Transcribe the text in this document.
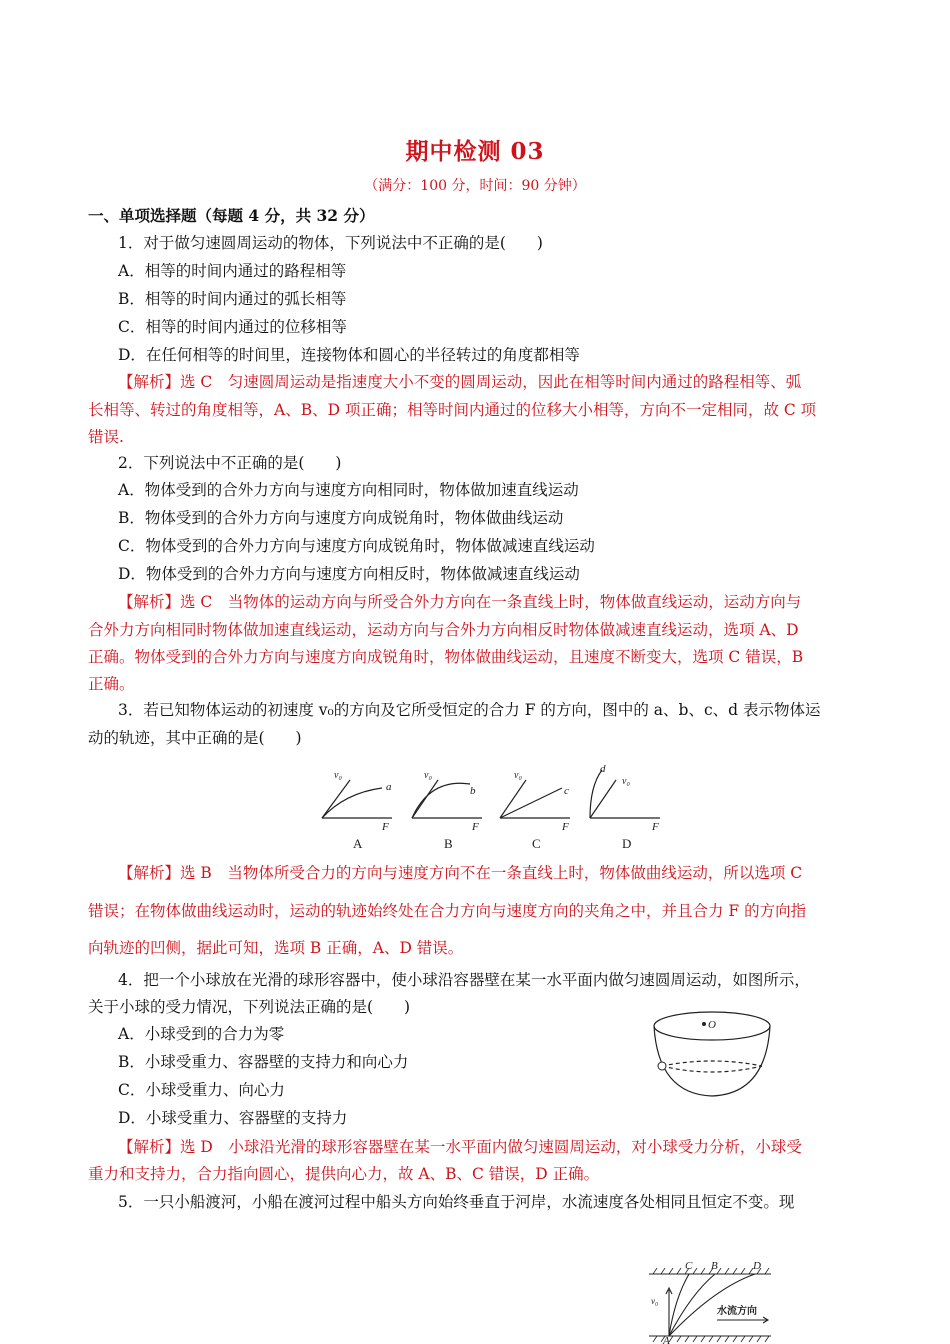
期中检测 03
（满分：100 分，时间：90 分钟）
一、单项选择题（每题 4 分，共 32 分）
1．对于做匀速圆周运动的物体，下列说法中不正确的是(　　)
A．相等的时间内通过的路程相等
B．相等的时间内通过的弧长相等
C．相等的时间内通过的位移相等
D．在任何相等的时间里，连接物体和圆心的半径转过的角度都相等
【解析】选 C　匀速圆周运动是指速度大小不变的圆周运动，因此在相等时间内通过的路程相等、弧
长相等、转过的角度相等，A、B、D 项正确；相等时间内通过的位移大小相等，方向不一定相同，故 C 项
错误.
2．下列说法中不正确的是(　　)
A．物体受到的合外力方向与速度方向相同时，物体做加速直线运动
B．物体受到的合外力方向与速度方向成锐角时，物体做曲线运动
C．物体受到的合外力方向与速度方向成锐角时，物体做减速直线运动
D．物体受到的合外力方向与速度方向相反时，物体做减速直线运动
【解析】选 C　当物体的运动方向与所受合外力方向在一条直线上时，物体做直线运动，运动方向与
合外力方向相同时物体做加速直线运动，运动方向与合外力方向相反时物体做减速直线运动，选项 A、D
正确。物体受到的合外力方向与速度方向成锐角时，物体做曲线运动，且速度不断变大，选项 C 错误，B
正确。
3．若已知物体运动的初速度 v₀的方向及它所受恒定的合力 F 的方向，图中的 a、b、c、d 表示物体运
动的轨迹，其中正确的是(　　)
v₀
a
F
v₀
b
F
v₀
c
F
v₀
d
F
A	B	C	D
【解析】选 B　当物体所受合力的方向与速度方向不在一条直线上时，物体做曲线运动，所以选项 C
错误；在物体做曲线运动时，运动的轨迹始终处在合力方向与速度方向的夹角之中，并且合力 F 的方向指
向轨迹的凹侧，据此可知，选项 B 正确，A、D 错误。
4．把一个小球放在光滑的球形容器中，使小球沿容器壁在某一水平面内做匀速圆周运动，如图所示，
关于小球的受力情况，下列说法正确的是(　　)
A．小球受到的合力为零
B．小球受重力、容器壁的支持力和向心力
C．小球受重力、向心力
D．小球受重力、容器壁的支持力
O
【解析】选 D　小球沿光滑的球形容器壁在某一水平面内做匀速圆周运动，对小球受力分析，小球受
重力和支持力，合力指向圆心，提供向心力，故 A、B、C 错误，D 正确。
5．一只小船渡河，小船在渡河过程中船头方向始终垂直于河岸，水流速度各处相同且恒定不变。现
C B	D
A
v₀
水流方向
